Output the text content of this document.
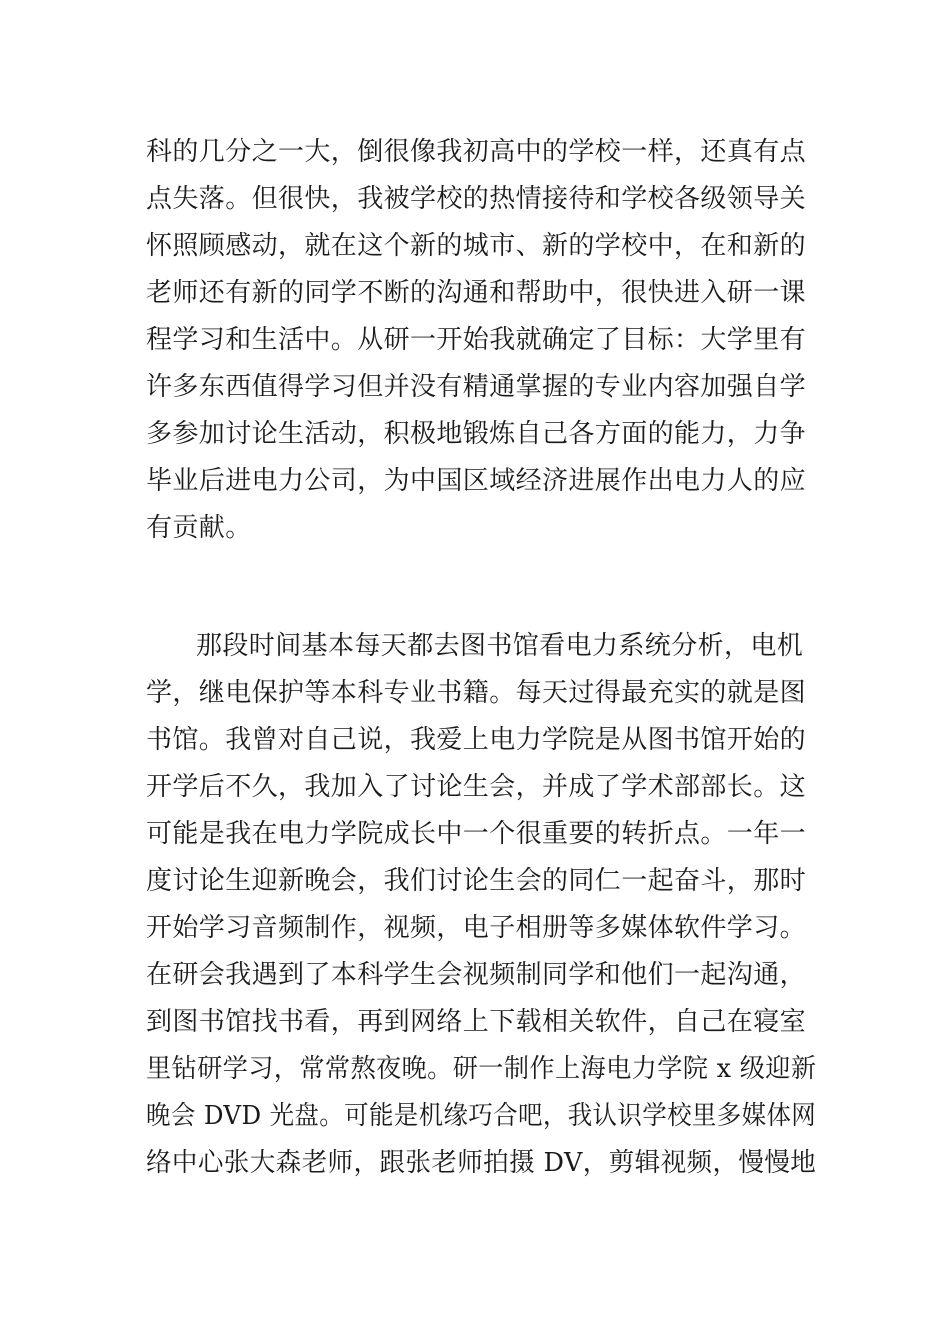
科的几分之一大，倒很像我初高中的学校一样，还真有点
点失落。但很快，我被学校的热情接待和学校各级领导关
怀照顾感动，就在这个新的城市、新的学校中，在和新的
老师还有新的同学不断的沟通和帮助中，很快进入研一课
程学习和生活中。从研一开始我就确定了目标：大学里有
许多东西值得学习但并没有精通掌握的专业内容加强自学
多参加讨论生活动，积极地锻炼自己各方面的能力，力争
毕业后进电力公司，为中国区域经济进展作出电力人的应
有贡献。
那段时间基本每天都去图书馆看电力系统分析，电机
学，继电保护等本科专业书籍。每天过得最充实的就是图
书馆。我曾对自己说，我爱上电力学院是从图书馆开始的
开学后不久，我加入了讨论生会，并成了学术部部长。这
可能是我在电力学院成长中一个很重要的转折点。一年一
度讨论生迎新晚会，我们讨论生会的同仁一起奋斗，那时
开始学习音频制作，视频，电子相册等多媒体软件学习。
在研会我遇到了本科学生会视频制同学和他们一起沟通，
到图书馆找书看，再到网络上下载相关软件，自己在寝室
里钻研学习，常常熬夜晚。研一制作上海电力学院 x 级迎新
晚会 DVD 光盘。可能是机缘巧合吧，我认识学校里多媒体网
络中心张大森老师，跟张老师拍摄 DV，剪辑视频，慢慢地
